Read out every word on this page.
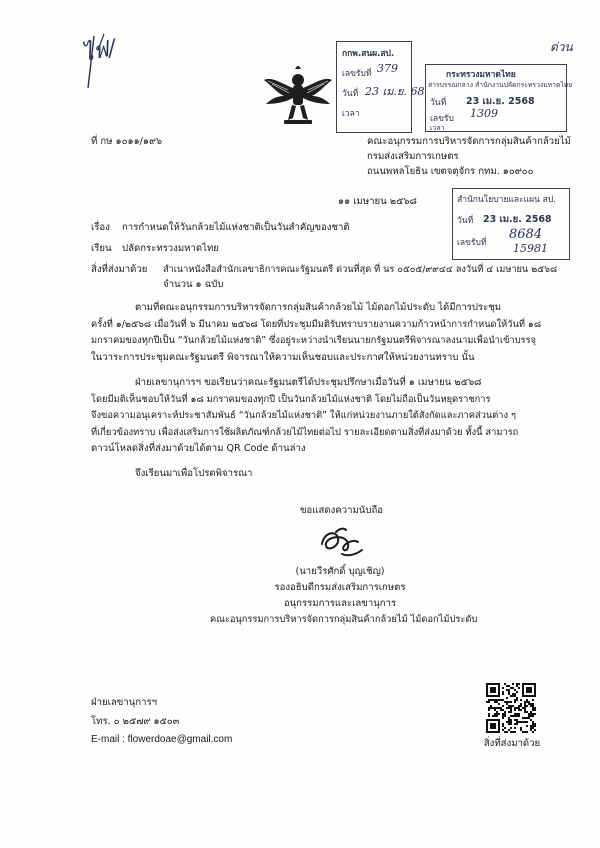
ไฟ/	ด่วน
กกพ.สนผ.สป.
เลขรับที่ 379
วันที่ 23 เม.ย. 68
เวลา
กระทรวงมหาดไทย
สารบรรณกลาง สำนักงานปลัดกระทรวงมหาดไทย
วันที่ 23 เม.ย. 2568
เลขรับ 1309
เวลา
สำนักนโยบายและแผน สป.
วันที่ 23 เม.ย. 2568
เลขรับที่
8684
15981
ที่ กษ ๑๐๑๑/๑๙๖	คณะอนุกรรมการบริหารจัดการกลุ่มสินค้ากล้วยไม้
กรมส่งเสริมการเกษตร
ถนนพหลโยธิน เขตจตุจักร กทม. ๑๐๙๐๐
๑๑ เมษายน ๒๕๖๘
เรื่อง การกำหนดให้วันกล้วยไม้แห่งชาติเป็นวันสำคัญของชาติ
เรียน ปลัดกระทรวงมหาดไทย
สิ่งที่ส่งมาด้วย สำเนาหนังสือสำนักเลขาธิการคณะรัฐมนตรี ด่วนที่สุด ที่ นร ๐๕๐๕/๙๙๔๔ ลงวันที่ ๔ เมษายน ๒๕๖๘
จำนวน ๑ ฉบับ
ตามที่คณะอนุกรรมการบริหารจัดการกลุ่มสินค้ากล้วยไม้ ไม้ดอกไม้ประดับ ได้มีการประชุม
ครั้งที่ ๑/๒๕๖๘ เมื่อวันที่ ๖ มีนาคม ๒๕๖๘ โดยที่ประชุมมีมติรับทราบรายงานความก้าวหน้าการกำหนดให้วันที่ ๑๘
มกราคมของทุกปีเป็น “วันกล้วยไม้แห่งชาติ” ซึ่งอยู่ระหว่างนำเรียนนายกรัฐมนตรีพิจารณาลงนามเพื่อนำเข้าบรรจุ
ในวาระการประชุมคณะรัฐมนตรี พิจารณาให้ความเห็นชอบและประกาศให้หน่วยงานทราบ นั้น
ฝ่ายเลขานุการฯ ขอเรียนว่าคณะรัฐมนตรีได้ประชุมปรึกษาเมื่อวันที่ ๑ เมษายน ๒๕๖๘
โดยมีมติเห็นชอบให้วันที่ ๑๘ มกราคมของทุกปี เป็นวันกล้วยไม้แห่งชาติ โดยไม่ถือเป็นวันหยุดราชการ
จึงขอความอนุเคราะห์ประชาสัมพันธ์ “วันกล้วยไม้แห่งชาติ” ให้แก่หน่วยงานภายใต้สังกัดและภาคส่วนต่าง ๆ
ที่เกี่ยวข้องทราบ เพื่อส่งเสริมการใช้ผลิตภัณฑ์กล้วยไม้ไทยต่อไป รายละเอียดตามสิ่งที่ส่งมาด้วย ทั้งนี้ สามารถ
ดาวน์โหลดสิ่งที่ส่งมาด้วยได้ตาม QR Code ด้านล่าง
จึงเรียนมาเพื่อโปรดพิจารณา
ขอแสดงความนับถือ
(นายวีรศักดิ์ บุญเชิญ)
รองอธิบดีกรมส่งเสริมการเกษตร
อนุกรรมการและเลขานุการ
คณะอนุกรรมการบริหารจัดการกลุ่มสินค้ากล้วยไม้ ไม้ดอกไม้ประดับ
ฝ่ายเลขานุการฯ
โทร. ๐ ๒๕๗๙ ๑๕๐๓
E-mail : flowerdoae@gmail.com	สิ่งที่ส่งมาด้วย
